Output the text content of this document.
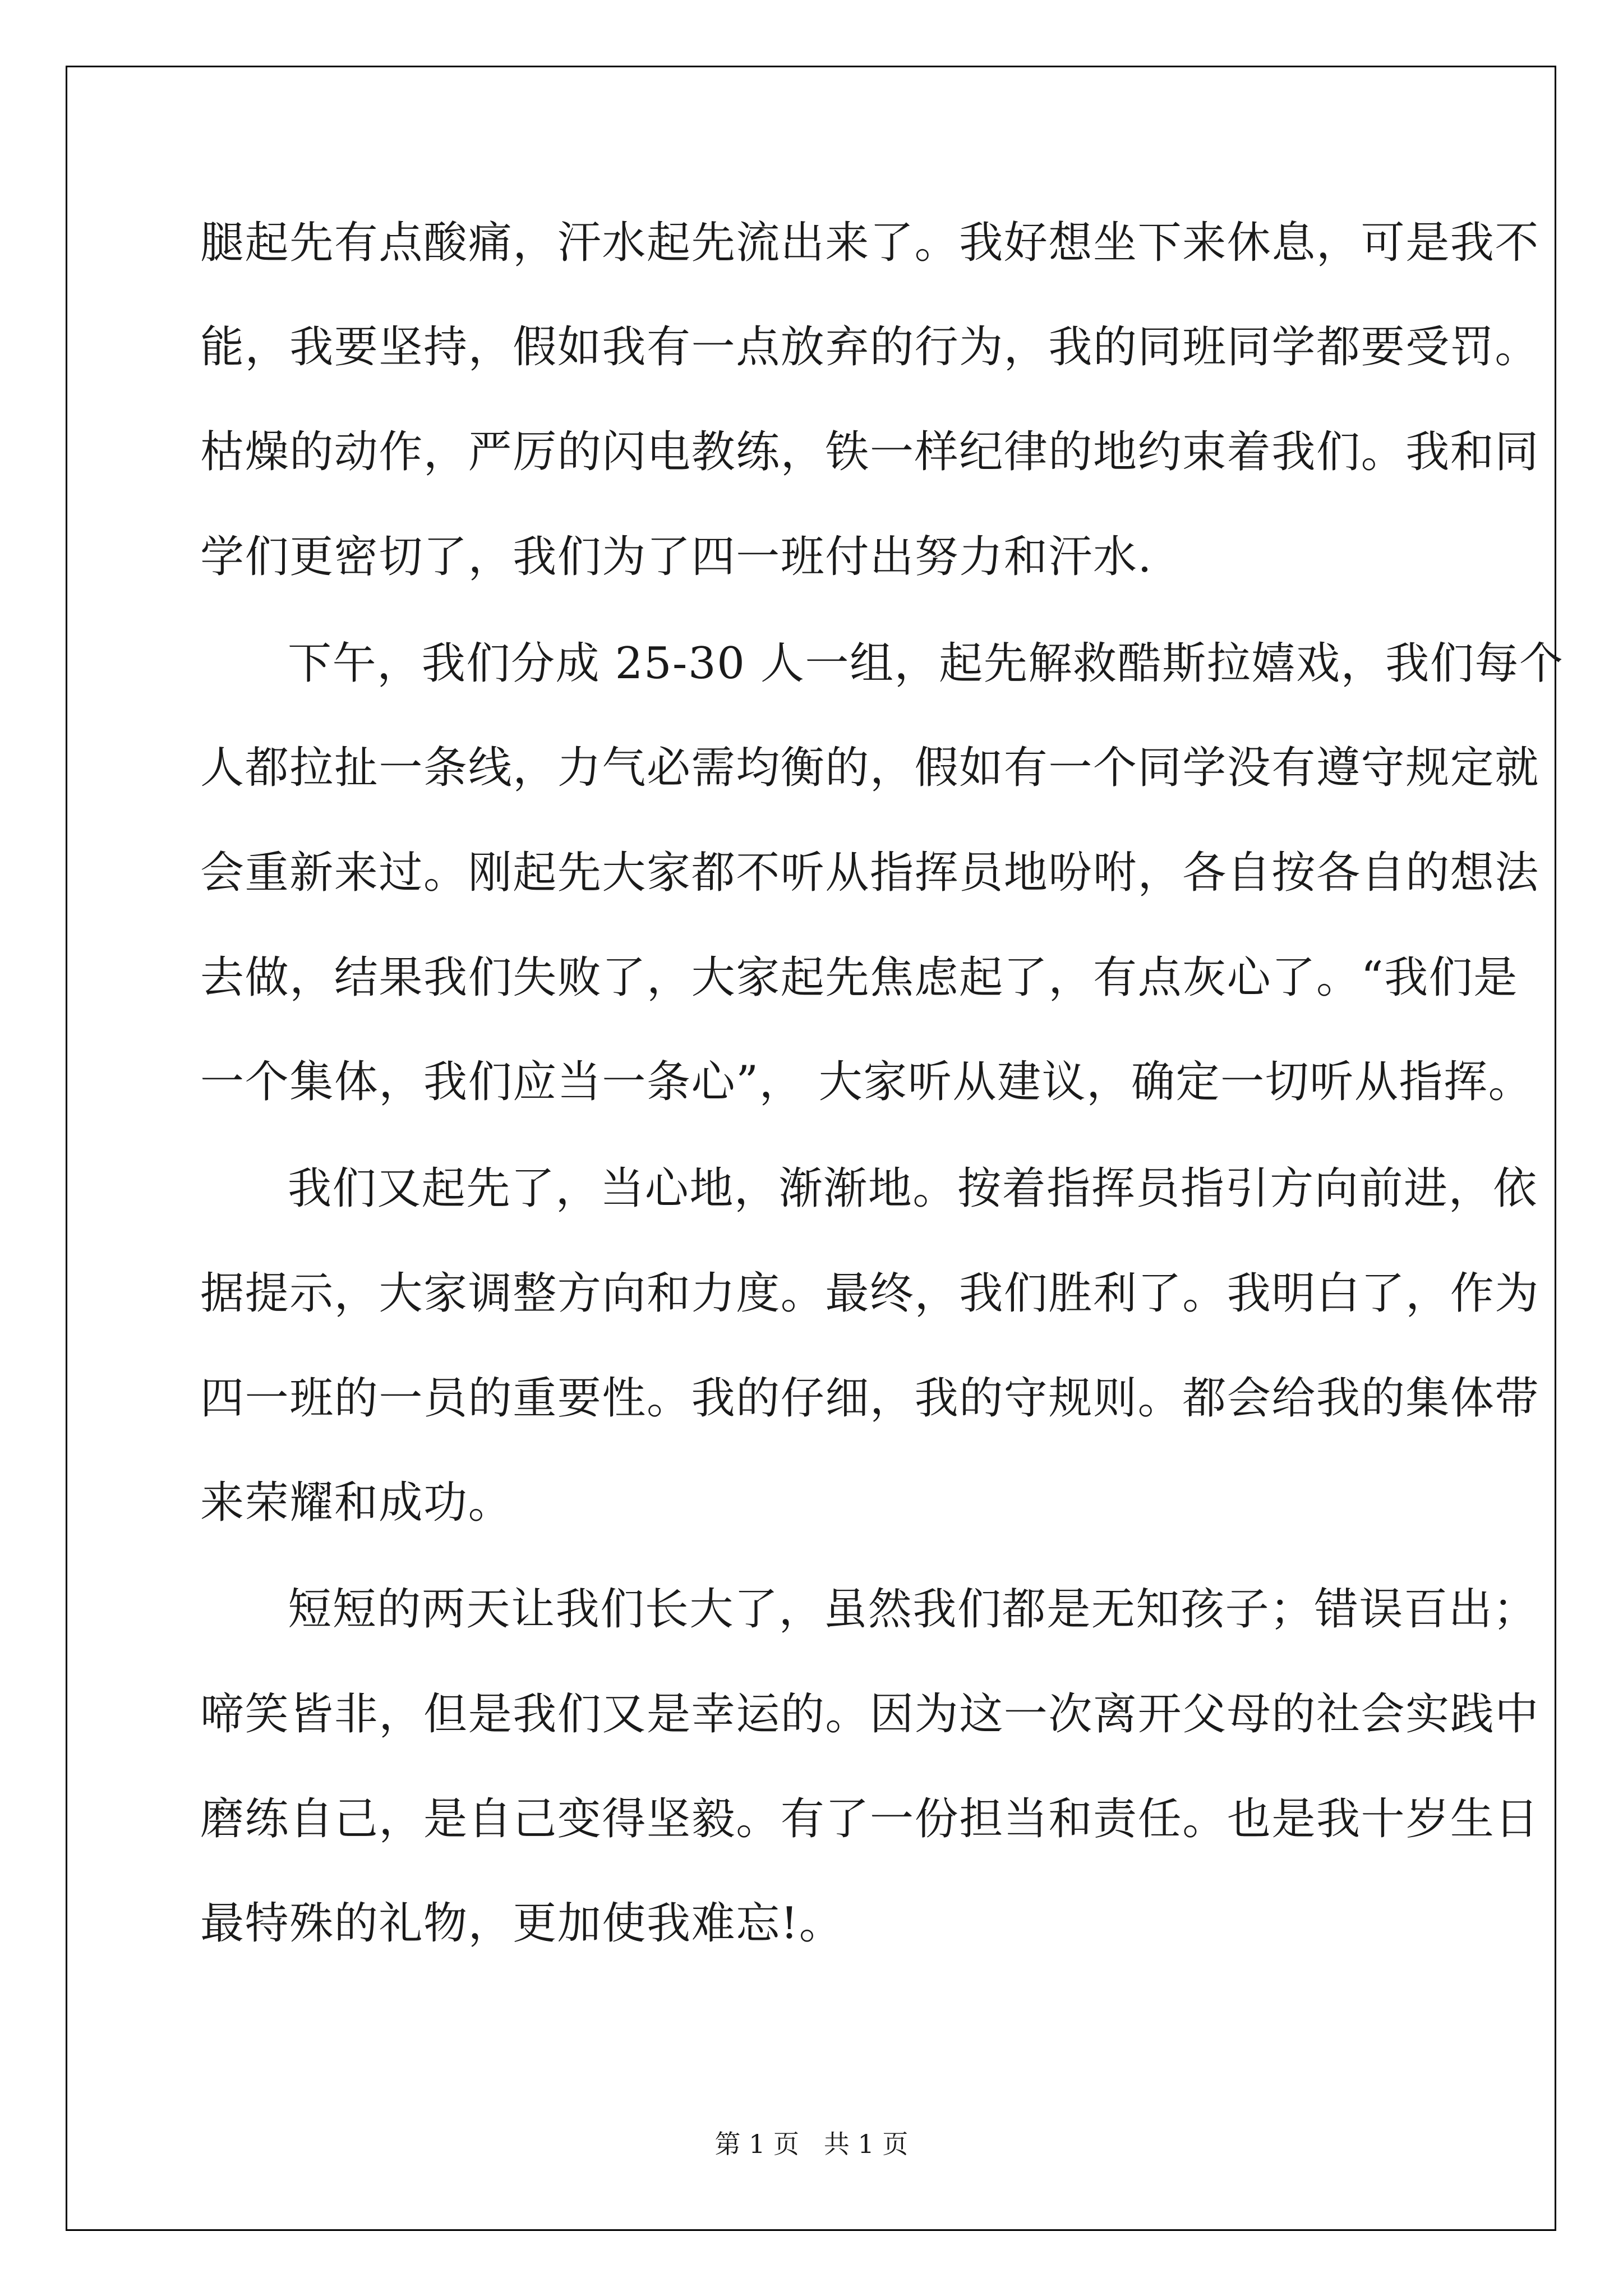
腿起先有点酸痛，汗水起先流出来了。我好想坐下来休息，可是我不
能，我要坚持，假如我有一点放弃的行为，我的同班同学都要受罚。
枯燥的动作，严厉的闪电教练，铁一样纪律的地约束着我们。我和同
学们更密切了，我们为了四一班付出努力和汗水.
下午，我们分成 25-30 人一组，起先解救酷斯拉嬉戏，我们每个
人都拉扯一条线，力气必需均衡的，假如有一个同学没有遵守规定就
会重新来过。刚起先大家都不听从指挥员地吩咐，各自按各自的想法
去做，结果我们失败了，大家起先焦虑起了，有点灰心了。“我们是
一个集体，我们应当一条心”， 大家听从建议，确定一切听从指挥。
我们又起先了，当心地，渐渐地。按着指挥员指引方向前进，依
据提示，大家调整方向和力度。最终，我们胜利了。我明白了，作为
四一班的一员的重要性。我的仔细，我的守规则。都会给我的集体带
来荣耀和成功。
短短的两天让我们长大了，虽然我们都是无知孩子；错误百出；
啼笑皆非，但是我们又是幸运的。因为这一次离开父母的社会实践中
磨练自己，是自己变得坚毅。有了一份担当和责任。也是我十岁生日
最特殊的礼物，更加使我难忘!。
第 1 页   共 1 页
